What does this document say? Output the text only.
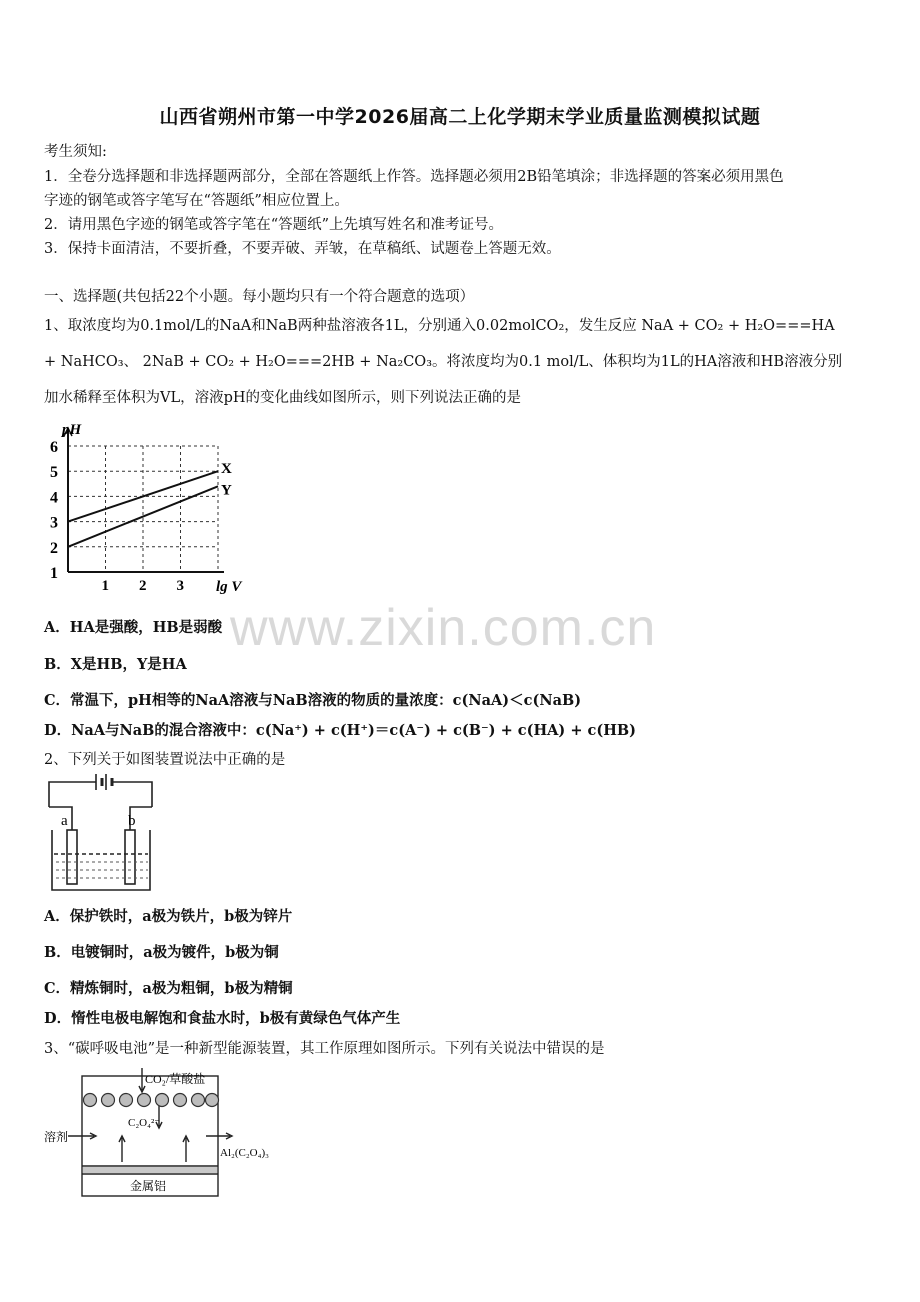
山西省朔州市第一中学2026届高二上化学期末学业质量监测模拟试题
考生须知:
1．全卷分选择题和非选择题两部分，全部在答题纸上作答。选择题必须用2B铅笔填涂；非选择题的答案必须用黑色
字迹的钢笔或答字笔写在“答题纸”相应位置上。
2．请用黑色字迹的钢笔或答字笔在“答题纸”上先填写姓名和准考证号。
3．保持卡面清洁，不要折叠，不要弄破、弄皱，在草稿纸、试题卷上答题无效。
一、选择题(共包括22个小题。每小题均只有一个符合题意的选项）
1、取浓度均为0.1mol/L的NaA和NaB两种盐溶液各1L，分别通入0.02molCO₂，发生反应 NaA + CO₂ + H₂O===HA
+ NaHCO₃、 2NaB + CO₂ + H₂O===2HB + Na₂CO₃。将浓度均为0.1 mol/L、体积均为1L的HA溶液和HB溶液分别
加水稀释至体积为VL，溶液pH的变化曲线如图所示，则下列说法正确的是
X
Y
1
2
3
4
5
6
1 2 3
pH
lg V
A．HA是强酸，HB是弱酸
B．X是HB，Y是HA
C．常温下，pH相等的NaA溶液与NaB溶液的物质的量浓度：c(NaA)＜c(NaB)
D．NaA与NaB的混合溶液中：c(Na⁺) + c(H⁺)＝c(A⁻) + c(B⁻) + c(HA) + c(HB)
2、下列关于如图装置说法中正确的是
a	b
A．保护铁时，a极为铁片，b极为锌片
B．电镀铜时，a极为镀件，b极为铜
C．精炼铜时，a极为粗铜，b极为精铜
D．惰性电极电解饱和食盐水时，b极有黄绿色气体产生
3、“碳呼吸电池”是一种新型能源装置，其工作原理如图所示。下列有关说法中错误的是
CO₂/草酸盐
C₂O₄²⁻
溶剂
Al₂(C₂O₄)₃
金属铝
www.zixin.com.cn
